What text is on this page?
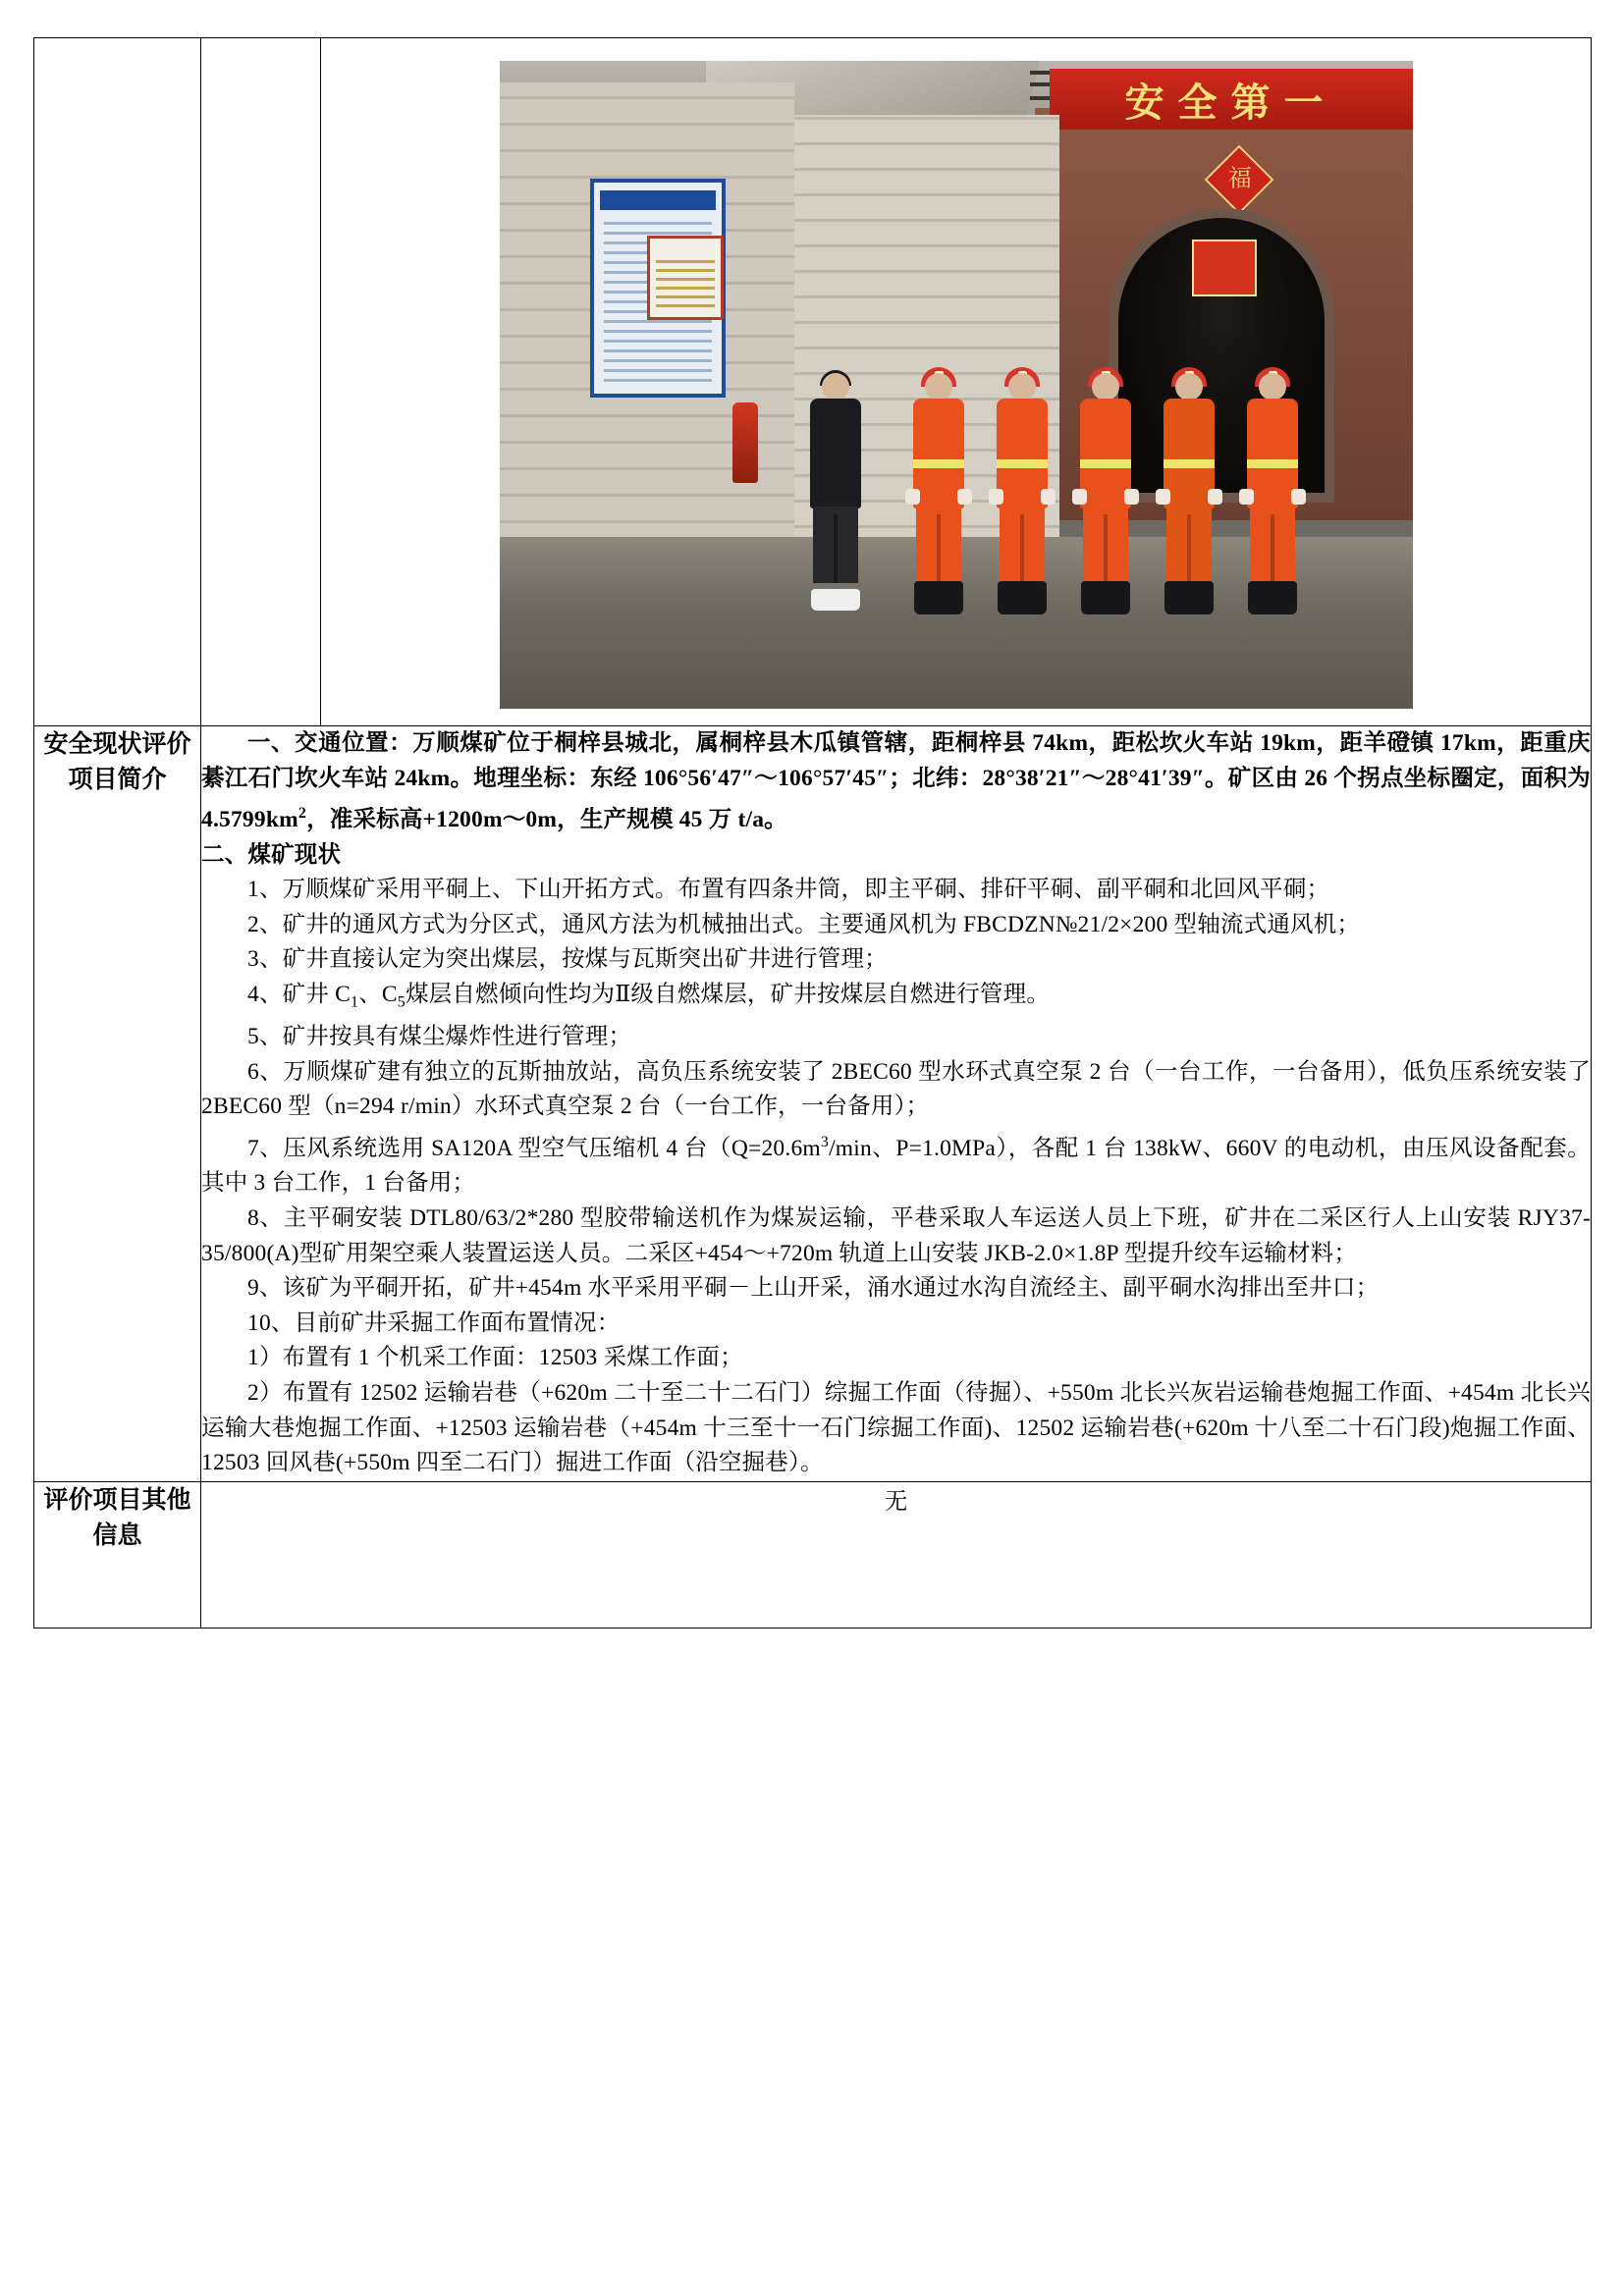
安全第一
福

安全现状评价项目简介	

一、交通位置：万顺煤矿位于桐梓县城北，属桐梓县木瓜镇管辖，距桐梓县 74km，距松坎火车站 19km，距羊磴镇 17km，距重庆綦江石门坎火车站 24km。地理坐标：东经 106°56′47″～106°57′45″；北纬：28°38′21″～28°41′39″。矿区由 26 个拐点坐标圈定，面积为 $4.5799km^2$，准采标高+1200m～0m，生产规模 45 万 t/a。

二、煤矿现状

1、万顺煤矿采用平硐上、下山开拓方式。布置有四条井筒，即主平硐、排矸平硐、副平硐和北回风平硐；

2、矿井的通风方式为分区式，通风方法为机械抽出式。主要通风机为 FBCDZN№21/2×200 型轴流式通风机；

3、矿井直接认定为突出煤层，按煤与瓦斯突出矿井进行管理；

4、矿井 $C_1$、$C_5$煤层自燃倾向性均为Ⅱ级自燃煤层，矿井按煤层自燃进行管理。

5、矿井按具有煤尘爆炸性进行管理；

6、万顺煤矿建有独立的瓦斯抽放站，高负压系统安装了 2BEC60 型水环式真空泵 2 台（一台工作，一台备用），低负压系统安装了 2BEC60 型（n=294 r/min）水环式真空泵 2 台（一台工作，一台备用）；

7、压风系统选用 SA120A 型空气压缩机 4 台（$Q=20.6m^3/\min$、P=1.0MPa），各配 1 台 138kW、660V 的电动机，由压风设备配套。其中 3 台工作，1 台备用；

8、主平硐安装 DTL80/63/2*280 型胶带输送机作为煤炭运输，平巷采取人车运送人员上下班，矿井在二采区行人上山安装 RJY37-35/800(A)型矿用架空乘人装置运送人员。二采区+454～+720m 轨道上山安装 JKB-2.0×1.8P 型提升绞车运输材料；

9、该矿为平硐开拓，矿井+454m 水平采用平硐－上山开采，涌水通过水沟自流经主、副平硐水沟排出至井口；

10、目前矿井采掘工作面布置情况：

1）布置有 1 个机采工作面：12503 采煤工作面；

2）布置有 12502 运输岩巷（+620m 二十至二十二石门）综掘工作面（待掘）、+550m 北长兴灰岩运输巷炮掘工作面、+454m 北长兴运输大巷炮掘工作面、+12503 运输岩巷（+454m 十三至十一石门综掘工作面)、12502 运输岩巷(+620m 十八至二十石门段)炮掘工作面、12503 回风巷(+550m 四至二石门）掘进工作面（沿空掘巷）。

评价项目其他信息	无	
